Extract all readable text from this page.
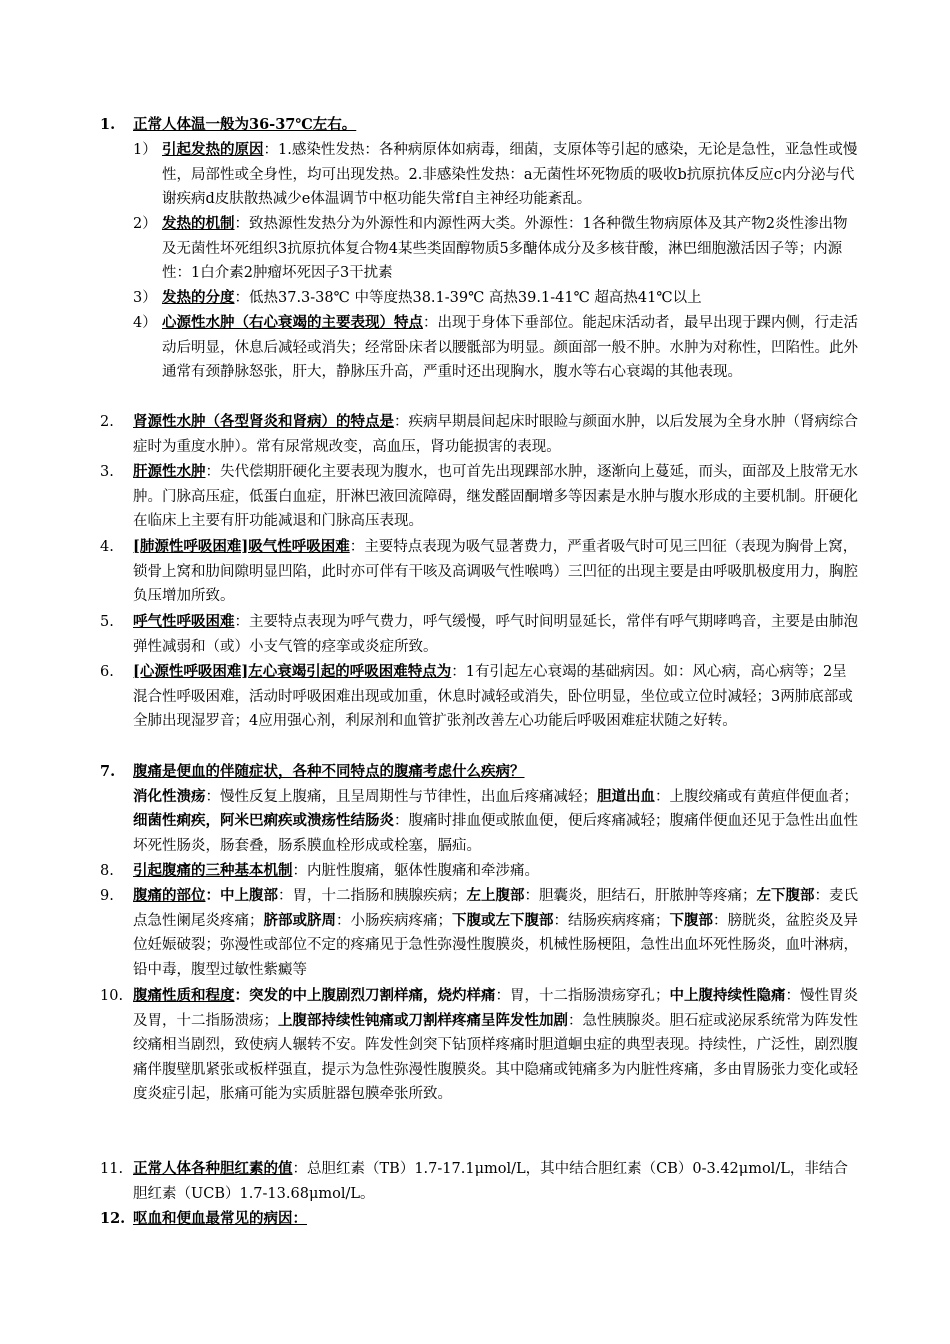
1. 正常人体温一般为36-37℃左右。
1） 引起发热的原因：1.感染性发热：各种病原体如病毒，细菌，支原体等引起的感染，无论是急性，亚急性或慢性，局部性或全身性，均可出现发热。2.非感染性发热：a无菌性坏死物质的吸收b抗原抗体反应c内分泌与代谢疾病d皮肤散热减少e体温调节中枢功能失常f自主神经功能紊乱。
2） 发热的机制：致热源性发热分为外源性和内源性两大类。外源性：1各种微生物病原体及其产物2炎性渗出物及无菌性坏死组织3抗原抗体复合物4某些类固醇物质5多醣体成分及多核苷酸，淋巴细胞激活因子等；内源性：1白介素2肿瘤坏死因子3干扰素
3） 发热的分度：低热37.3-38℃ 中等度热38.1-39℃ 高热39.1-41℃ 超高热41℃以上
4） 心源性水肿（右心衰竭的主要表现）特点：出现于身体下垂部位。能起床活动者，最早出现于踝内侧，行走活动后明显，休息后减轻或消失；经常卧床者以腰骶部为明显。颜面部一般不肿。水肿为对称性，凹陷性。此外通常有颈静脉怒张，肝大，静脉压升高，严重时还出现胸水，腹水等右心衰竭的其他表现。
2. 肾源性水肿（各型肾炎和肾病）的特点是：疾病早期晨间起床时眼睑与颜面水肿，以后发展为全身水肿（肾病综合症时为重度水肿）。常有尿常规改变，高血压，肾功能损害的表现。
3. 肝源性水肿：失代偿期肝硬化主要表现为腹水，也可首先出现踝部水肿，逐渐向上蔓延，而头，面部及上肢常无水肿。门脉高压症，低蛋白血症，肝淋巴液回流障碍，继发醛固酮增多等因素是水肿与腹水形成的主要机制。肝硬化在临床上主要有肝功能减退和门脉高压表现。
4. [肺源性呼吸困难]吸气性呼吸困难：主要特点表现为吸气显著费力，严重者吸气时可见三凹征（表现为胸骨上窝，锁骨上窝和肋间隙明显凹陷，此时亦可伴有干咳及高调吸气性喉鸣）三凹征的出现主要是由呼吸肌极度用力，胸腔负压增加所致。
5. 呼气性呼吸困难：主要特点表现为呼气费力，呼气缓慢，呼气时间明显延长，常伴有呼气期哮鸣音，主要是由肺泡弹性减弱和（或）小支气管的痉挛或炎症所致。
6. [心源性呼吸困难]左心衰竭引起的呼吸困难特点为：1有引起左心衰竭的基础病因。如：风心病，高心病等；2呈混合性呼吸困难，活动时呼吸困难出现或加重，休息时减轻或消失，卧位明显，坐位或立位时减轻；3两肺底部或全肺出现湿罗音；4应用强心剂，利尿剂和血管扩张剂改善左心功能后呼吸困难症状随之好转。
7. 腹痛是便血的伴随症状，各种不同特点的腹痛考虑什么疾病？
消化性溃疡：慢性反复上腹痛，且呈周期性与节律性，出血后疼痛减轻；胆道出血：上腹绞痛或有黄疸伴便血者；细菌性痢疾，阿米巴痢疾或溃疡性结肠炎：腹痛时排血便或脓血便，便后疼痛减轻；腹痛伴便血还见于急性出血性坏死性肠炎，肠套叠，肠系膜血栓形成或栓塞，膈疝。
8. 引起腹痛的三种基本机制：内脏性腹痛，躯体性腹痛和牵涉痛。
9. 腹痛的部位：中上腹部：胃，十二指肠和胰腺疾病；左上腹部：胆囊炎，胆结石，肝脓肿等疼痛；左下腹部：麦氏点急性阑尾炎疼痛；脐部或脐周：小肠疾病疼痛；下腹或左下腹部：结肠疾病疼痛；下腹部：膀胱炎，盆腔炎及异位妊娠破裂；弥漫性或部位不定的疼痛见于急性弥漫性腹膜炎，机械性肠梗阻，急性出血坏死性肠炎，血叶淋病，铅中毒，腹型过敏性紫癜等
10. 腹痛性质和程度：突发的中上腹剧烈刀割样痛，烧灼样痛：胃，十二指肠溃疡穿孔；中上腹持续性隐痛：慢性胃炎及胃，十二指肠溃疡；上腹部持续性钝痛或刀割样疼痛呈阵发性加剧：急性胰腺炎。胆石症或泌尿系统常为阵发性绞痛相当剧烈，致使病人辗转不安。阵发性剑突下钻顶样疼痛时胆道蛔虫症的典型表现。持续性，广泛性，剧烈腹痛伴腹壁肌紧张或板样强直，提示为急性弥漫性腹膜炎。其中隐痛或钝痛多为内脏性疼痛，多由胃肠张力变化或轻度炎症引起，胀痛可能为实质脏器包膜牵张所致。
11. 正常人体各种胆红素的值：总胆红素（TB）1.7-17.1μmol/L，其中结合胆红素（CB）0-3.42μmol/L，非结合胆红素（UCB）1.7-13.68μmol/L。
12. 呕血和便血最常见的病因：
